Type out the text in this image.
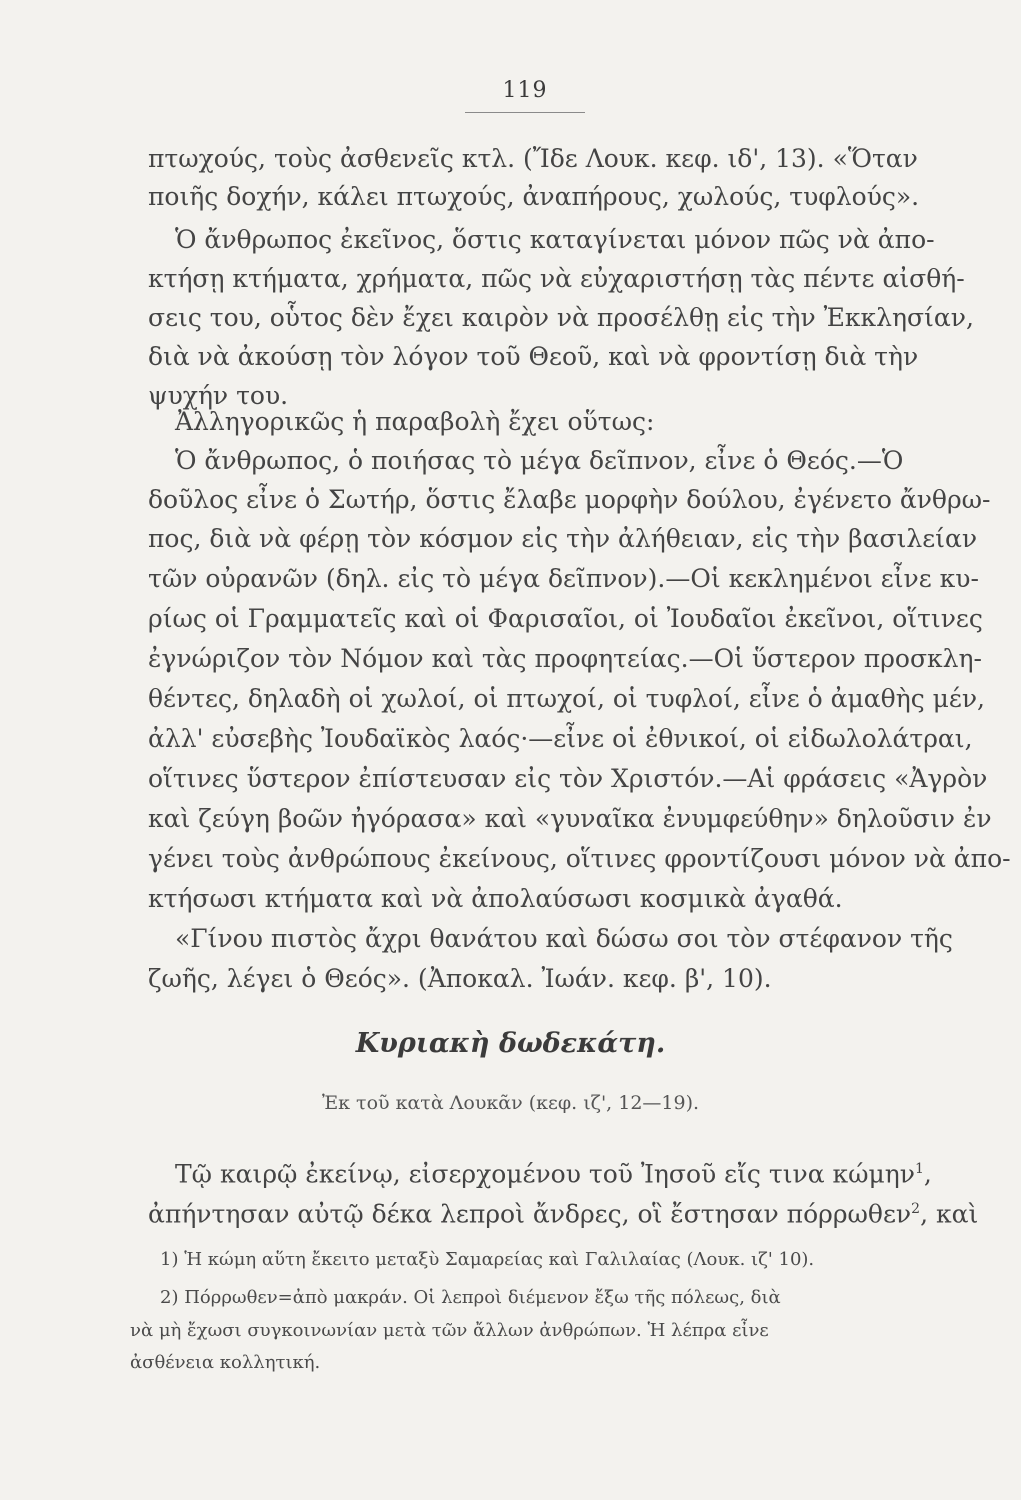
119
πτωχούς, τοὺς ἀσθενεῖς κτλ. (Ἴδε Λουκ. κεφ. ιδ', 13). «Ὅταν
ποιῆς δοχήν, κάλει πτωχούς, ἀναπήρους, χωλούς, τυφλούς».
Ὁ ἄνθρωπος ἐκεῖνος, ὅστις καταγίνεται μόνον πῶς νὰ ἀπο-
κτήσῃ κτήματα, χρήματα, πῶς νὰ εὐχαριστήσῃ τὰς πέντε αἰσθή-
σεις του, οὗτος δὲν ἔχει καιρὸν νὰ προσέλθῃ εἰς τὴν Ἐκκλησίαν,
διὰ νὰ ἀκούσῃ τὸν λόγον τοῦ Θεοῦ, καὶ νὰ φροντίσῃ διὰ τὴν
ψυχήν του.
Ἀλληγορικῶς ἡ παραβολὴ ἔχει οὕτως:
Ὁ ἄνθρωπος, ὁ ποιήσας τὸ μέγα δεῖπνον, εἶνε ὁ Θεός.—Ὁ
δοῦλος εἶνε ὁ Σωτήρ, ὅστις ἔλαβε μορφὴν δούλου, ἐγένετο ἄνθρω-
πος, διὰ νὰ φέρῃ τὸν κόσμον εἰς τὴν ἀλήθειαν, εἰς τὴν βασιλείαν
τῶν οὐρανῶν (δηλ. εἰς τὸ μέγα δεῖπνον).—Οἱ κεκλημένοι εἶνε κυ-
ρίως οἱ Γραμματεῖς καὶ οἱ Φαρισαῖοι, οἱ Ἰουδαῖοι ἐκεῖνοι, οἵτινες
ἐγνώριζον τὸν Νόμον καὶ τὰς προφητείας.—Οἱ ὕστερον προσκλη-
θέντες, δηλαδὴ οἱ χωλοί, οἱ πτωχοί, οἱ τυφλοί, εἶνε ὁ ἀμαθὴς μέν,
ἀλλ' εὐσεβὴς Ἰουδαϊκὸς λαός·—εἶνε οἱ ἐθνικοί, οἱ εἰδωλολάτραι,
οἵτινες ὕστερον ἐπίστευσαν εἰς τὸν Χριστόν.—Αἱ φράσεις «Ἀγρὸν
καὶ ζεύγη βοῶν ἠγόρασα» καὶ «γυναῖκα ἐνυμφεύθην» δηλοῦσιν ἐν
γένει τοὺς ἀνθρώπους ἐκείνους, οἵτινες φροντίζουσι μόνον νὰ ἀπο-
κτήσωσι κτήματα καὶ νὰ ἀπολαύσωσι κοσμικὰ ἀγαθά.
«Γίνου πιστὸς ἄχρι θανάτου καὶ δώσω σοι τὸν στέφανον τῆς
ζωῆς, λέγει ὁ Θεός». (Ἀποκαλ. Ἰωάν. κεφ. β', 10).
Κυριακὴ δωδεκάτη.
Ἐκ τοῦ κατὰ Λουκᾶν (κεφ. ιζ', 12—19).
Τῷ καιρῷ ἐκείνῳ, εἰσερχομένου τοῦ Ἰησοῦ εἴς τινα κώμην$^1$,
ἀπήντησαν αὐτῷ δέκα λεπροὶ ἄνδρες, οἳ ἔστησαν πόρρωθεν$^2$, καὶ
1) Ἡ κώμη αὕτη ἔκειτο μεταξὺ Σαμαρείας καὶ Γαλιλαίας (Λουκ. ιζ' 10).
2) Πόρρωθεν=ἀπὸ μακράν. Οἱ λεπροὶ διέμενον ἔξω τῆς πόλεως, διὰ
νὰ μὴ ἔχωσι συγκοινωνίαν μετὰ τῶν ἄλλων ἀνθρώπων. Ἡ λέπρα εἶνε
ἀσθένεια κολλητική.
